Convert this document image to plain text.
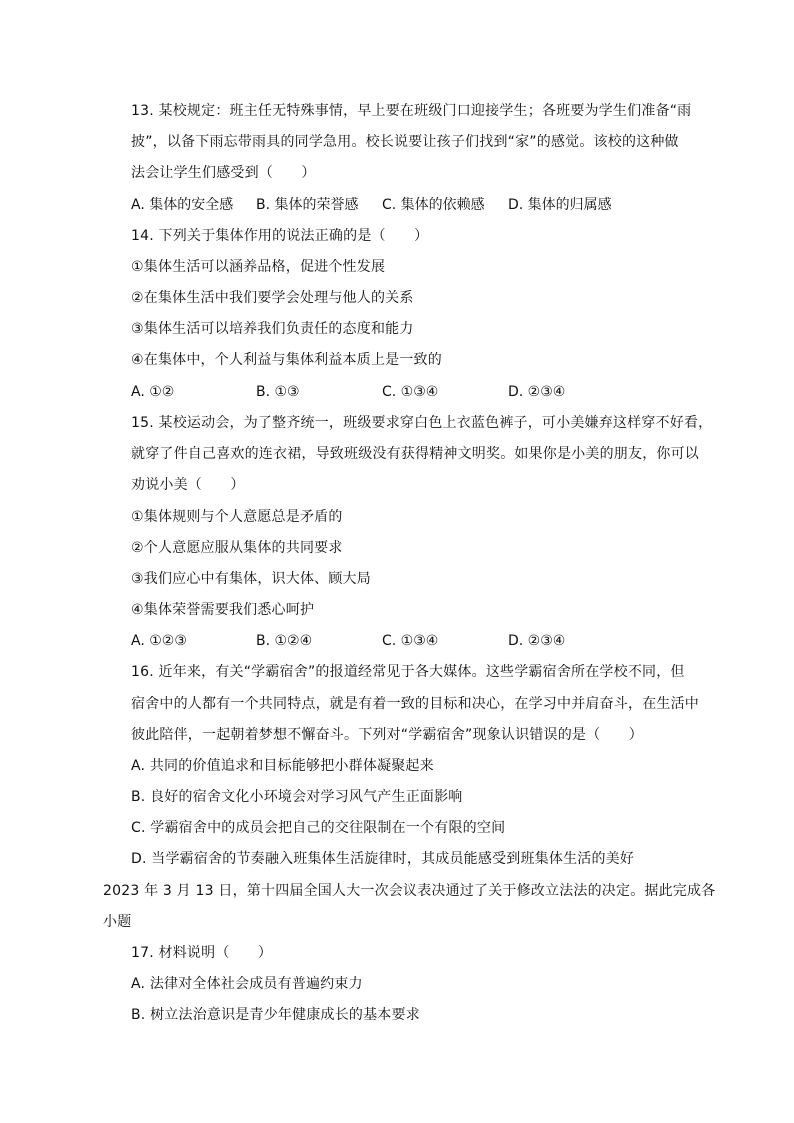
13. 某校规定：班主任无特殊事情，早上要在班级门口迎接学生；各班要为学生们准备“雨
披”，以备下雨忘带雨具的同学急用。校长说要让孩子们找到“家”的感觉。该校的这种做
法会让学生们感受到（　　）
A. 集体的安全感 B. 集体的荣誉感 C. 集体的依赖感 D. 集体的归属感
14. 下列关于集体作用的说法正确的是（　　）
①集体生活可以涵养品格，促进个性发展
②在集体生活中我们要学会处理与他人的关系
③集体生活可以培养我们负责任的态度和能力
④在集体中，个人利益与集体利益本质上是一致的
A. ①②	B. ①③	C. ①③④	D. ②③④
15. 某校运动会，为了整齐统一，班级要求穿白色上衣蓝色裤子，可小美嫌弃这样穿不好看，
就穿了件自己喜欢的连衣裙，导致班级没有获得精神文明奖。如果你是小美的朋友，你可以
劝说小美（　　）
①集体规则与个人意愿总是矛盾的
②个人意愿应服从集体的共同要求
③我们应心中有集体，识大体、顾大局
④集体荣誉需要我们悉心呵护
A. ①②③	B. ①②④	C. ①③④	D. ②③④
16. 近年来，有关“学霸宿舍”的报道经常见于各大媒体。这些学霸宿舍所在学校不同，但
宿舍中的人都有一个共同特点，就是有着一致的目标和决心，在学习中并肩奋斗，在生活中
彼此陪伴，一起朝着梦想不懈奋斗。下列对“学霸宿舍”现象认识错误的是（　　）
A. 共同的价值追求和目标能够把小群体凝聚起来
B. 良好的宿舍文化小环境会对学习风气产生正面影响
C. 学霸宿舍中的成员会把自己的交往限制在一个有限的空间
D. 当学霸宿舍的节奏融入班集体生活旋律时，其成员能感受到班集体生活的美好
2023 年 3 月 13 日，第十四届全国人大一次会议表决通过了关于修改立法法的决定。据此完成各
小题
17. 材料说明（　　）
A. 法律对全体社会成员有普遍约束力
B. 树立法治意识是青少年健康成长的基本要求
